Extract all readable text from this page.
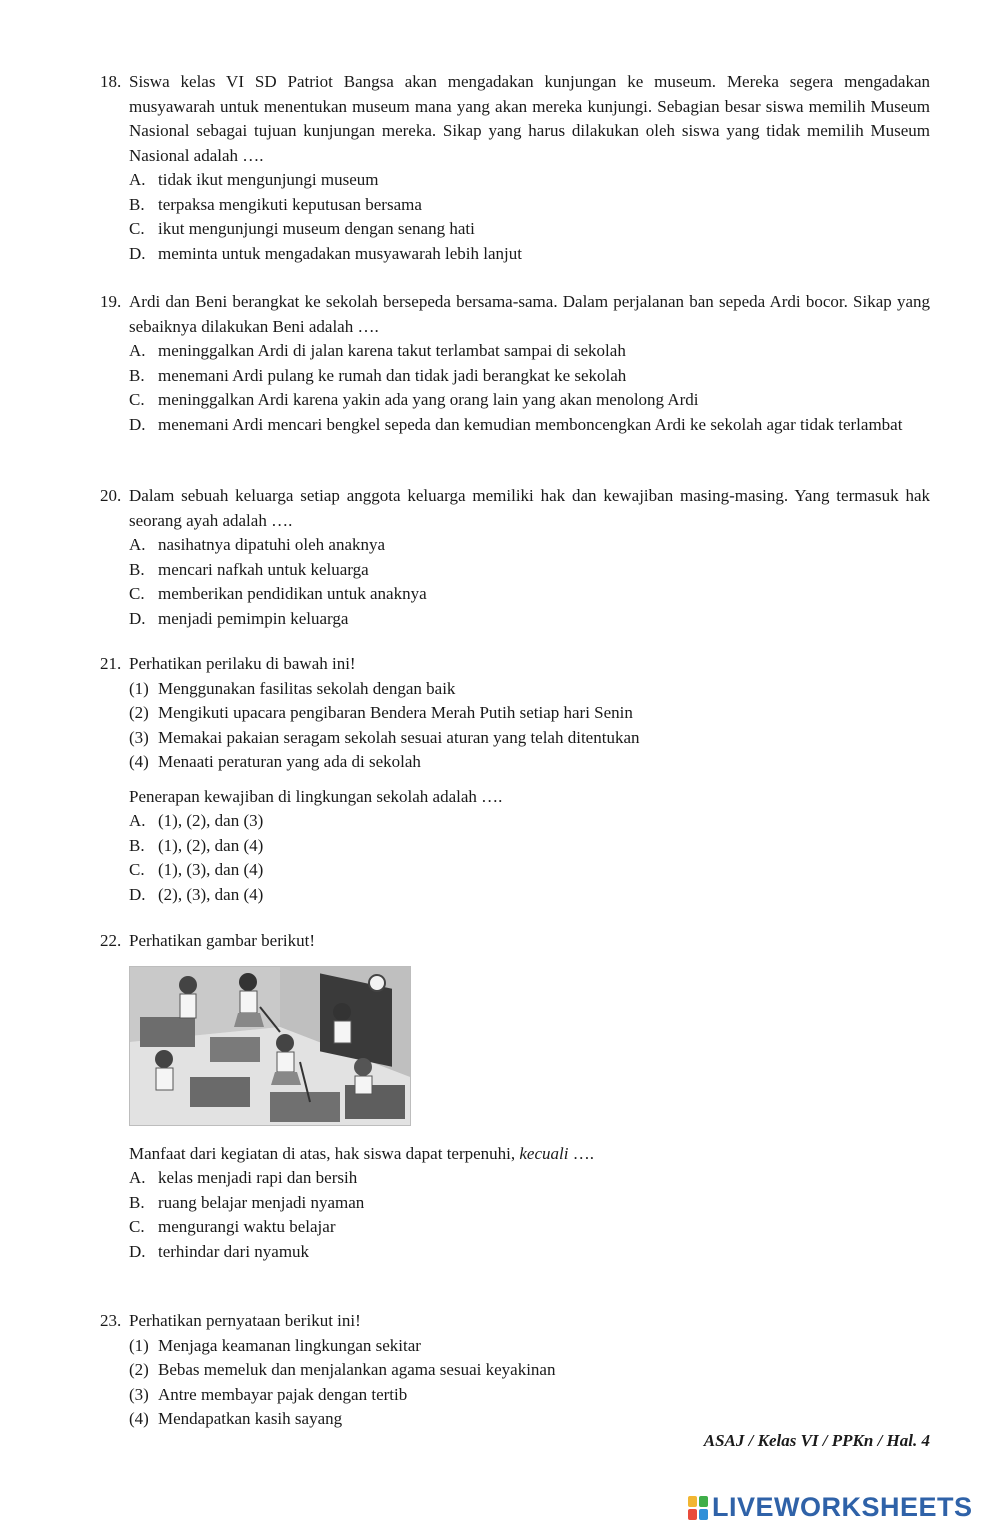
18. Siswa kelas VI SD Patriot Bangsa akan mengadakan kunjungan ke museum. Mereka segera mengadakan musyawarah untuk menentukan museum mana yang akan mereka kunjungi. Sebagian besar siswa memilih Museum Nasional sebagai tujuan kunjungan mereka. Sikap yang harus dilakukan oleh siswa yang tidak memilih Museum Nasional adalah ….
A. tidak ikut mengunjungi museum
B. terpaksa mengikuti keputusan bersama
C. ikut mengunjungi museum dengan senang hati
D. meminta untuk mengadakan musyawarah lebih lanjut
19. Ardi dan Beni berangkat ke sekolah bersepeda bersama-sama. Dalam perjalanan ban sepeda Ardi bocor. Sikap yang sebaiknya dilakukan Beni adalah ….
A. meninggalkan Ardi di jalan karena takut terlambat sampai di sekolah
B. menemani Ardi pulang ke rumah dan tidak jadi berangkat ke sekolah
C. meninggalkan Ardi karena yakin ada yang orang lain yang akan menolong Ardi
D. menemani Ardi mencari bengkel sepeda dan kemudian memboncengkan Ardi ke sekolah agar tidak terlambat
20. Dalam sebuah keluarga setiap anggota keluarga memiliki hak dan kewajiban masing-masing. Yang termasuk hak seorang ayah adalah ….
A. nasihatnya dipatuhi oleh anaknya
B. mencari nafkah untuk keluarga
C. memberikan pendidikan untuk anaknya
D. menjadi pemimpin keluarga
21. Perhatikan perilaku di bawah ini!
(1) Menggunakan fasilitas sekolah dengan baik
(2) Mengikuti upacara pengibaran Bendera Merah Putih setiap hari Senin
(3) Memakai pakaian seragam sekolah sesuai aturan yang telah ditentukan
(4) Menaati peraturan yang ada di sekolah
Penerapan kewajiban di lingkungan sekolah adalah ….
A. (1), (2), dan (3)
B. (1), (2), dan (4)
C. (1), (3), dan (4)
D. (2), (3), dan (4)
22. Perhatikan gambar berikut!
Manfaat dari kegiatan di atas, hak siswa dapat terpenuhi, kecuali ….
A. kelas menjadi rapi dan bersih
B. ruang belajar menjadi nyaman
C. mengurangi waktu belajar
D. terhindar dari nyamuk
23. Perhatikan pernyataan berikut ini!
(1) Menjaga keamanan lingkungan sekitar
(2) Bebas memeluk dan menjalankan agama sesuai keyakinan
(3) Antre membayar pajak dengan tertib
(4) Mendapatkan kasih sayang
ASAJ / Kelas VI / PPKn / Hal. 4
LIVEWORKSHEETS
